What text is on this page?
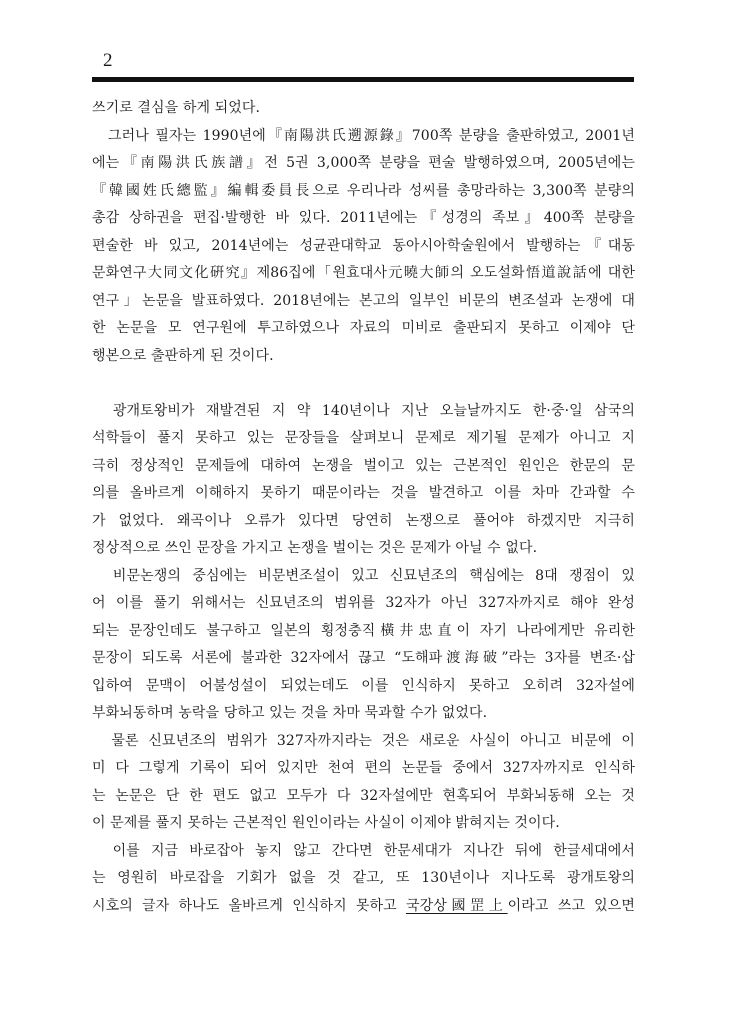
2
쓰기로 결심을 하게 되었다.
　그러나 필자는 1990년에『南陽洪氏遡源錄』700쪽 분량을 출판하였고, 2001년
에는『南陽洪氏族譜』전 5권 3,000쪽 분량을 편술 발행하였으며, 2005년에는
『韓國姓氏總監』編輯委員長으로 우리나라 성씨를 총망라하는 3,300쪽 분량의
총감 상하권을 편집·발행한 바 있다. 2011년에는『성경의 족보』400쪽 분량을
편술한 바 있고, 2014년에는 성균관대학교 동아시아학술원에서 발행하는『대동
문화연구大同文化硏究』제86집에「원효대사元曉大師의 오도설화悟道說話에 대한
연구」논문을 발표하였다. 2018년에는 본고의 일부인 비문의 변조설과 논쟁에 대
한 논문을 모 연구원에 투고하였으나 자료의 미비로 출판되지 못하고 이제야 단
행본으로 출판하게 된 것이다.
　광개토왕비가 재발견된 지 약 140년이나 지난 오늘날까지도 한·중·일 삼국의
석학들이 풀지 못하고 있는 문장들을 살펴보니 문제로 제기될 문제가 아니고 지
극히 정상적인 문제들에 대하여 논쟁을 벌이고 있는 근본적인 원인은 한문의 문
의를 올바르게 이해하지 못하기 때문이라는 것을 발견하고 이를 차마 간과할 수
가 없었다. 왜곡이나 오류가 있다면 당연히 논쟁으로 풀어야 하겠지만 지극히
정상적으로 쓰인 문장을 가지고 논쟁을 벌이는 것은 문제가 아닐 수 없다.
　비문논쟁의 중심에는 비문변조설이 있고 신묘년조의 핵심에는 8대 쟁점이 있
어 이를 풀기 위해서는 신묘년조의 범위를 32자가 아닌 327자까지로 해야 완성
되는 문장인데도 불구하고 일본의 횡정충직橫井忠直이 자기 나라에게만 유리한
문장이 되도록 서론에 불과한 32자에서 끊고 “도해파渡海破”라는 3자를 변조·삽
입하여 문맥이 어불성설이 되었는데도 이를 인식하지 못하고 오히려 32자설에
부화뇌동하며 농락을 당하고 있는 것을 차마 묵과할 수가 없었다.
　물론 신묘년조의 범위가 327자까지라는 것은 새로운 사실이 아니고 비문에 이
미 다 그렇게 기록이 되어 있지만 천여 편의 논문들 중에서 327자까지로 인식하
는 논문은 단 한 편도 없고 모두가 다 32자설에만 현혹되어 부화뇌동해 오는 것
이 문제를 풀지 못하는 근본적인 원인이라는 사실이 이제야 밝혀지는 것이다.
　이를 지금 바로잡아 놓지 않고 간다면 한문세대가 지나간 뒤에 한글세대에서
는 영원히 바로잡을 기회가 없을 것 같고, 또 130년이나 지나도록 광개토왕의
시호의 글자 하나도 올바르게 인식하지 못하고 국강상國罡上이라고 쓰고 있으면
